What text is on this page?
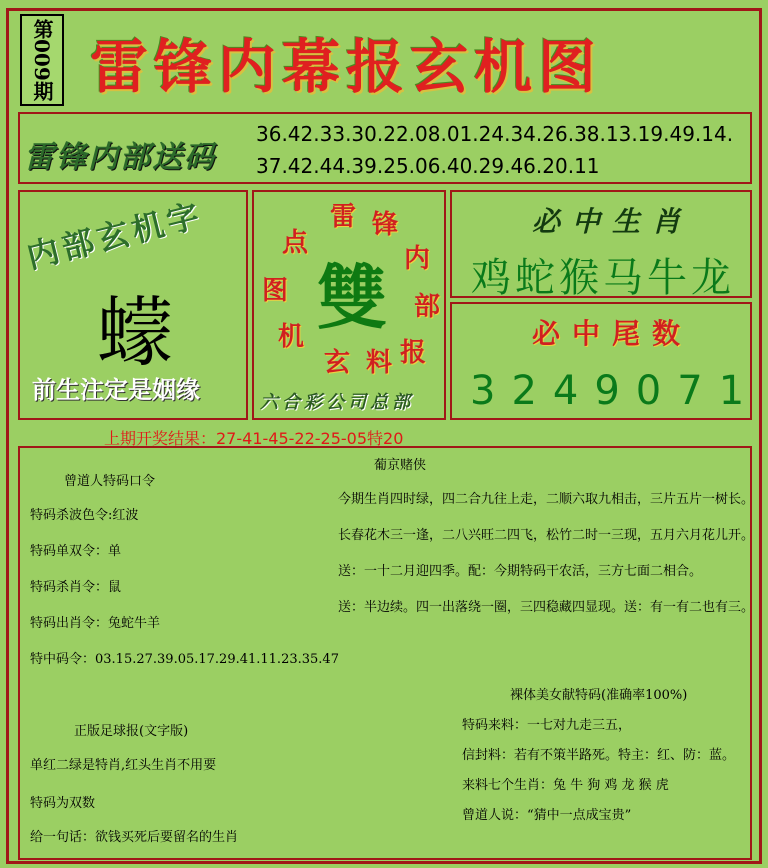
第009期 雷锋内幕报玄机图
雷锋内部送码
36.42.33.30.22.08.01.24.34.26.38.13.19.49.14.
37.42.44.39.25.06.40.29.46.20.11
内部玄机字
蠓
前生注定是姻缘
雷 锋
内
部
报
料
玄
机
图
点
雙
六合彩公司总部
必中生肖
鸡蛇猴马牛龙
必中尾数
3249071
上期开奖结果：27-41-45-22-25-05特20
曾道人特码口令
特码杀波色令:红波
特码单双令：单
特码杀肖令：鼠
特码出肖令：兔蛇牛羊
特中码令：03.15.27.39.05.17.29.41.11.23.35.47
正版足球报(文字版)
单红二绿是特肖,红头生肖不用要
特码为双数
给一句话：欲钱买死后要留名的生肖
葡京赌侠
今期生肖四时绿，四二合九往上走，二顺六取九相击，三片五片一树长。
长春花木三一逢，二八兴旺二四飞，松竹二时一三现，五月六月花儿开。
送：一十二月迎四季。配：今期特码干农活，三方七面二相合。
送：半边续。四一出落绕一圈，三四稳藏四显现。送：有一有二也有三。
裸体美女献特码(准确率100%)
特码来料：一七对九走三五，
信封料：若有不策半路死。特主：红、防：蓝。
来料七个生肖：兔 牛 狗 鸡 龙 猴 虎
曾道人说：“猜中一点成宝贵”
